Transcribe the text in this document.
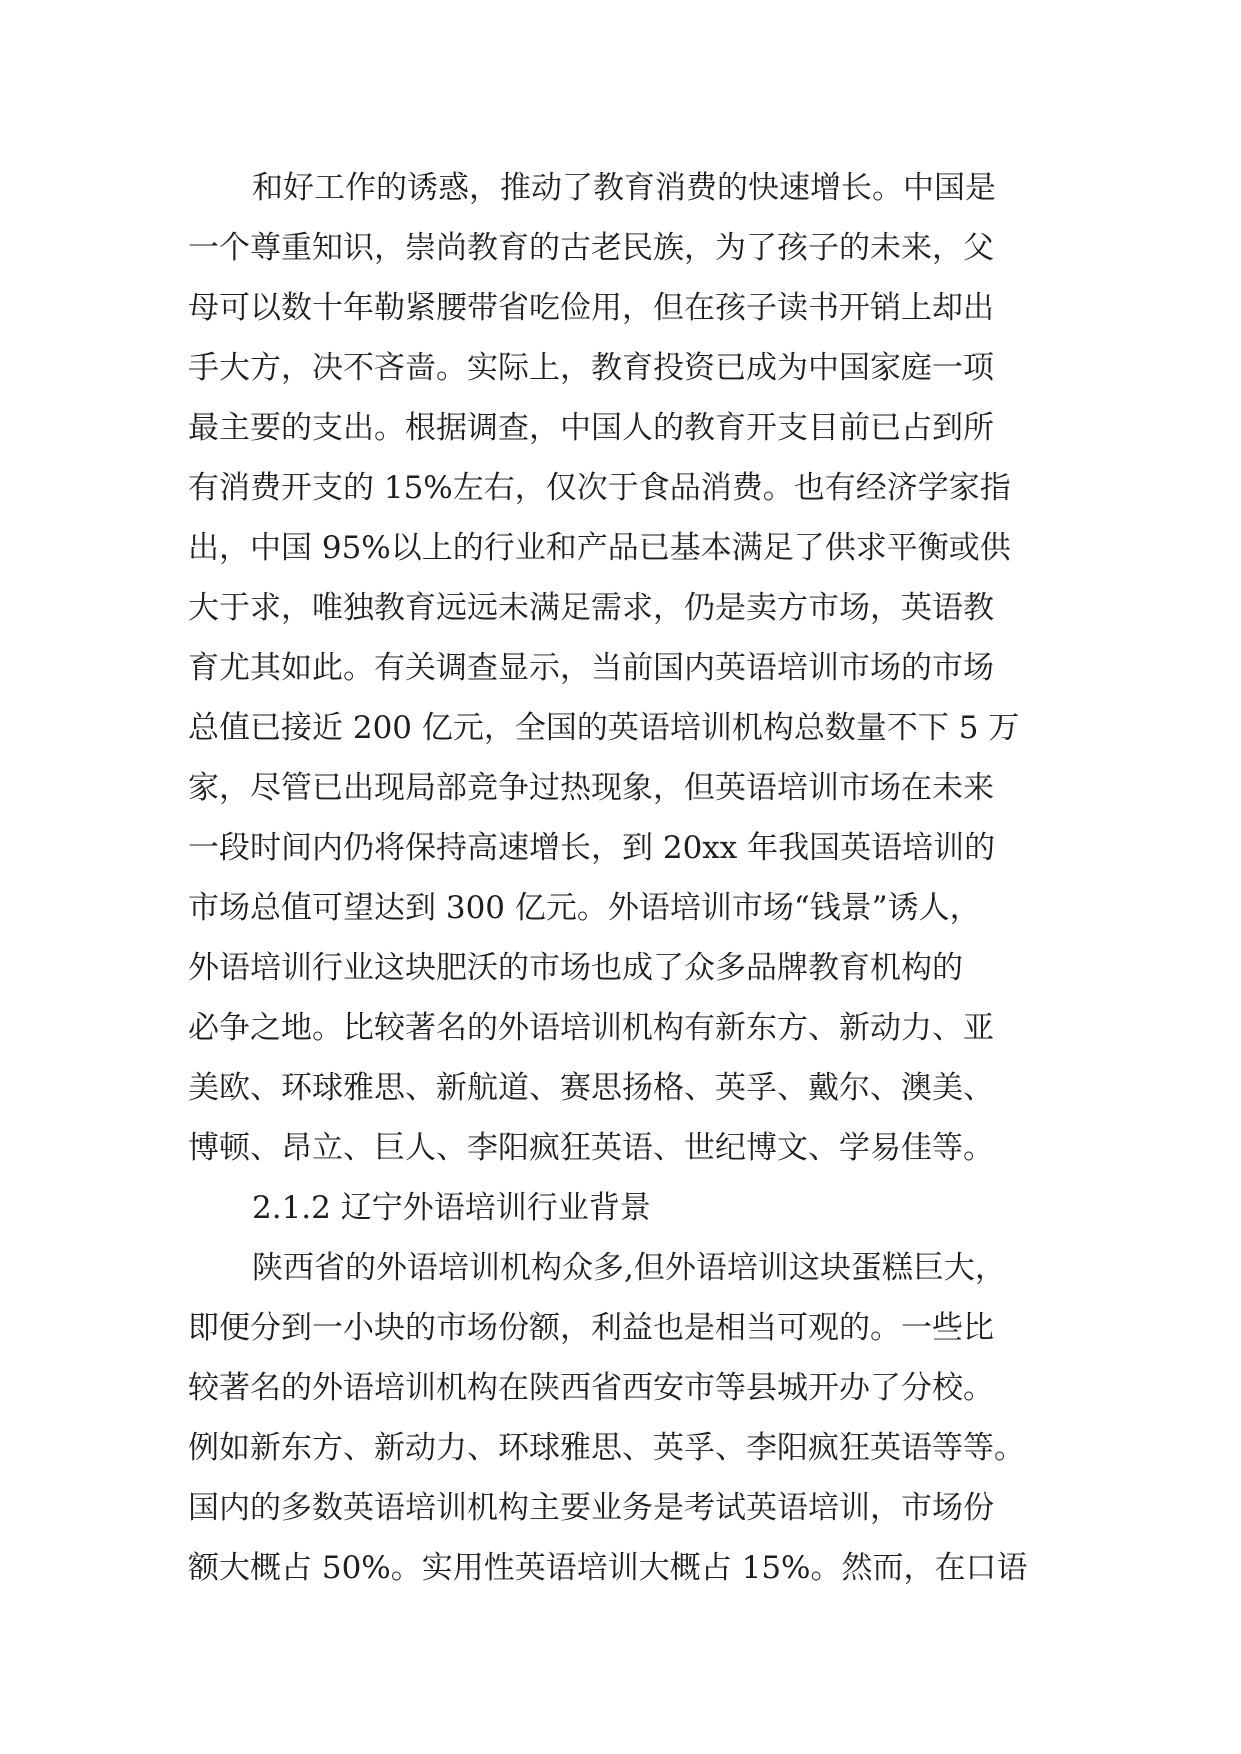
和好工作的诱惑，推动了教育消费的快速增长。中国是
一个尊重知识，崇尚教育的古老民族，为了孩子的未来，父
母可以数十年勒紧腰带省吃俭用，但在孩子读书开销上却出
手大方，决不吝啬。实际上，教育投资已成为中国家庭一项
最主要的支出。根据调查，中国人的教育开支目前已占到所
有消费开支的 15%左右，仅次于食品消费。也有经济学家指
出，中国 95%以上的行业和产品已基本满足了供求平衡或供
大于求，唯独教育远远未满足需求，仍是卖方市场，英语教
育尤其如此。有关调查显示，当前国内英语培训市场的市场
总值已接近 200 亿元，全国的英语培训机构总数量不下 5 万
家，尽管已出现局部竞争过热现象，但英语培训市场在未来
一段时间内仍将保持高速增长，到 20xx 年我国英语培训的
市场总值可望达到 300 亿元。外语培训市场“钱景”诱人，
外语培训行业这块肥沃的市场也成了众多品牌教育机构的
必争之地。比较著名的外语培训机构有新东方、新动力、亚
美欧、环球雅思、新航道、赛思扬格、英孚、戴尔、澳美、
博顿、昂立、巨人、李阳疯狂英语、世纪博文、学易佳等。
2.1.2 辽宁外语培训行业背景
陕西省的外语培训机构众多,但外语培训这块蛋糕巨大，
即便分到一小块的市场份额，利益也是相当可观的。一些比
较著名的外语培训机构在陕西省西安市等县城开办了分校。
例如新东方、新动力、环球雅思、英孚、李阳疯狂英语等等。
国内的多数英语培训机构主要业务是考试英语培训，市场份
额大概占 50%。实用性英语培训大概占 15%。然而，在口语
